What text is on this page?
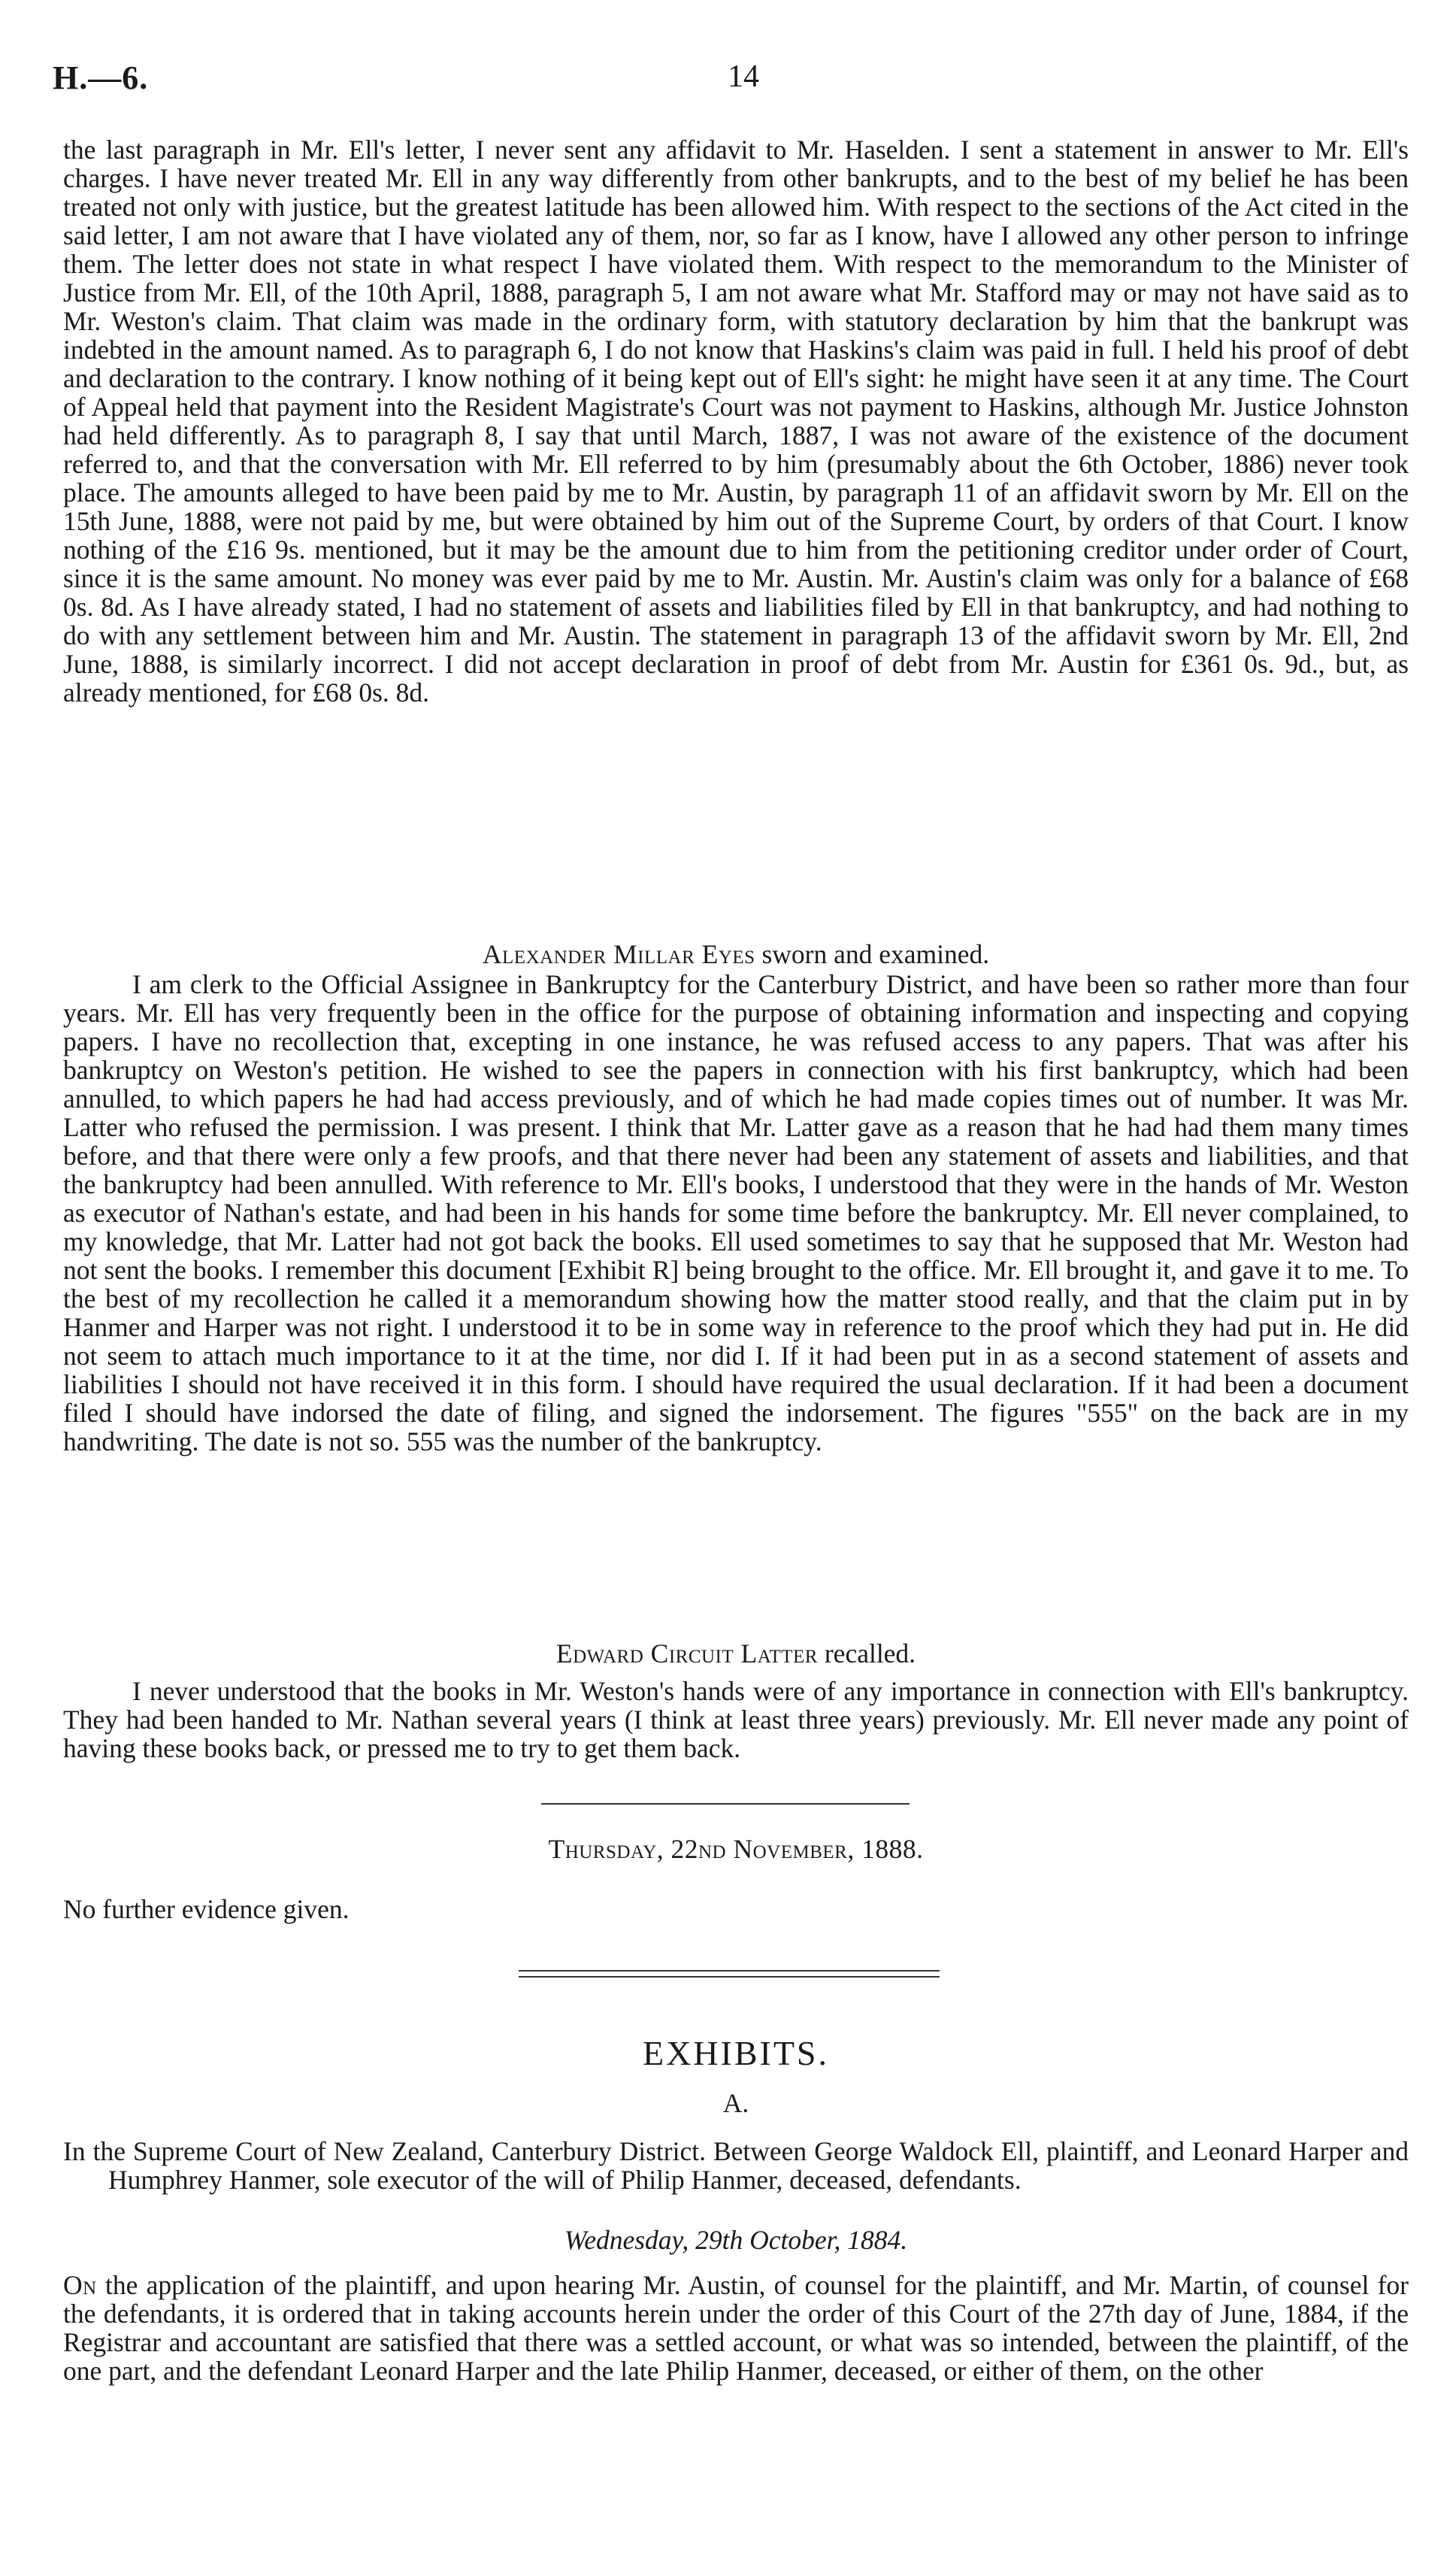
H.—6.	14

the last paragraph in Mr. Ell's letter, I never sent any affidavit to Mr. Haselden. I sent a statement in answer to Mr. Ell's charges. I have never treated Mr. Ell in any way differently from other bankrupts, and to the best of my belief he has been treated not only with justice, but the greatest latitude has been allowed him. With respect to the sections of the Act cited in the said letter, I am not aware that I have violated any of them, nor, so far as I know, have I allowed any other person to infringe them. The letter does not state in what respect I have violated them. With respect to the memorandum to the Minister of Justice from Mr. Ell, of the 10th April, 1888, paragraph 5, I am not aware what Mr. Stafford may or may not have said as to Mr. Weston's claim. That claim was made in the ordinary form, with statutory declaration by him that the bankrupt was indebted in the amount named. As to paragraph 6, I do not know that Haskins's claim was paid in full. I held his proof of debt and declaration to the contrary. I know nothing of it being kept out of Ell's sight: he might have seen it at any time. The Court of Appeal held that payment into the Resident Magistrate's Court was not payment to Haskins, although Mr. Justice Johnston had held differently. As to paragraph 8, I say that until March, 1887, I was not aware of the existence of the document referred to, and that the conversation with Mr. Ell referred to by him (presumably about the 6th October, 1886) never took place. The amounts alleged to have been paid by me to Mr. Austin, by paragraph 11 of an affidavit sworn by Mr. Ell on the 15th June, 1888, were not paid by me, but were obtained by him out of the Supreme Court, by orders of that Court. I know nothing of the £16 9s. mentioned, but it may be the amount due to him from the petitioning creditor under order of Court, since it is the same amount. No money was ever paid by me to Mr. Austin. Mr. Austin's claim was only for a balance of £68 0s. 8d. As I have already stated, I had no statement of assets and liabilities filed by Ell in that bankruptcy, and had nothing to do with any settlement between him and Mr. Austin. The statement in paragraph 13 of the affidavit sworn by Mr. Ell, 2nd June, 1888, is similarly incorrect. I did not accept declaration in proof of debt from Mr. Austin for £361 0s. 9d., but, as already mentioned, for £68 0s. 8d.

Alexander Millar Eyes sworn and examined.

I am clerk to the Official Assignee in Bankruptcy for the Canterbury District, and have been so rather more than four years. Mr. Ell has very frequently been in the office for the purpose of obtaining information and inspecting and copying papers. I have no recollection that, excepting in one instance, he was refused access to any papers. That was after his bankruptcy on Weston's petition. He wished to see the papers in connection with his first bankruptcy, which had been annulled, to which papers he had had access previously, and of which he had made copies times out of number. It was Mr. Latter who refused the permission. I was present. I think that Mr. Latter gave as a reason that he had had them many times before, and that there were only a few proofs, and that there never had been any statement of assets and liabilities, and that the bankruptcy had been annulled. With reference to Mr. Ell's books, I understood that they were in the hands of Mr. Weston as executor of Nathan's estate, and had been in his hands for some time before the bankruptcy. Mr. Ell never complained, to my knowledge, that Mr. Latter had not got back the books. Ell used sometimes to say that he supposed that Mr. Weston had not sent the books. I remember this document [Exhibit R] being brought to the office. Mr. Ell brought it, and gave it to me. To the best of my recollection he called it a memorandum showing how the matter stood really, and that the claim put in by Hanmer and Harper was not right. I understood it to be in some way in reference to the proof which they had put in. He did not seem to attach much importance to it at the time, nor did I. If it had been put in as a second statement of assets and liabilities I should not have received it in this form. I should have required the usual declaration. If it had been a document filed I should have indorsed the date of filing, and signed the indorsement. The figures "555" on the back are in my handwriting. The date is not so. 555 was the number of the bankruptcy.

Edward Circuit Latter recalled.

I never understood that the books in Mr. Weston's hands were of any importance in connection with Ell's bankruptcy. They had been handed to Mr. Nathan several years (I think at least three years) previously. Mr. Ell never made any point of having these books back, or pressed me to try to get them back.

Thursday, 22nd November, 1888.

No further evidence given.

EXHIBITS.
A.

In the Supreme Court of New Zealand, Canterbury District. Between George Waldock Ell, plaintiff, and Leonard Harper and Humphrey Hanmer, sole executor of the will of Philip Hanmer, deceased, defendants.

Wednesday, 29th October, 1884.

On the application of the plaintiff, and upon hearing Mr. Austin, of counsel for the plaintiff, and Mr. Martin, of counsel for the defendants, it is ordered that in taking accounts herein under the order of this Court of the 27th day of June, 1884, if the Registrar and accountant are satisfied that there was a settled account, or what was so intended, between the plaintiff, of the one part, and the defendant Leonard Harper and the late Philip Hanmer, deceased, or either of them, on the other
